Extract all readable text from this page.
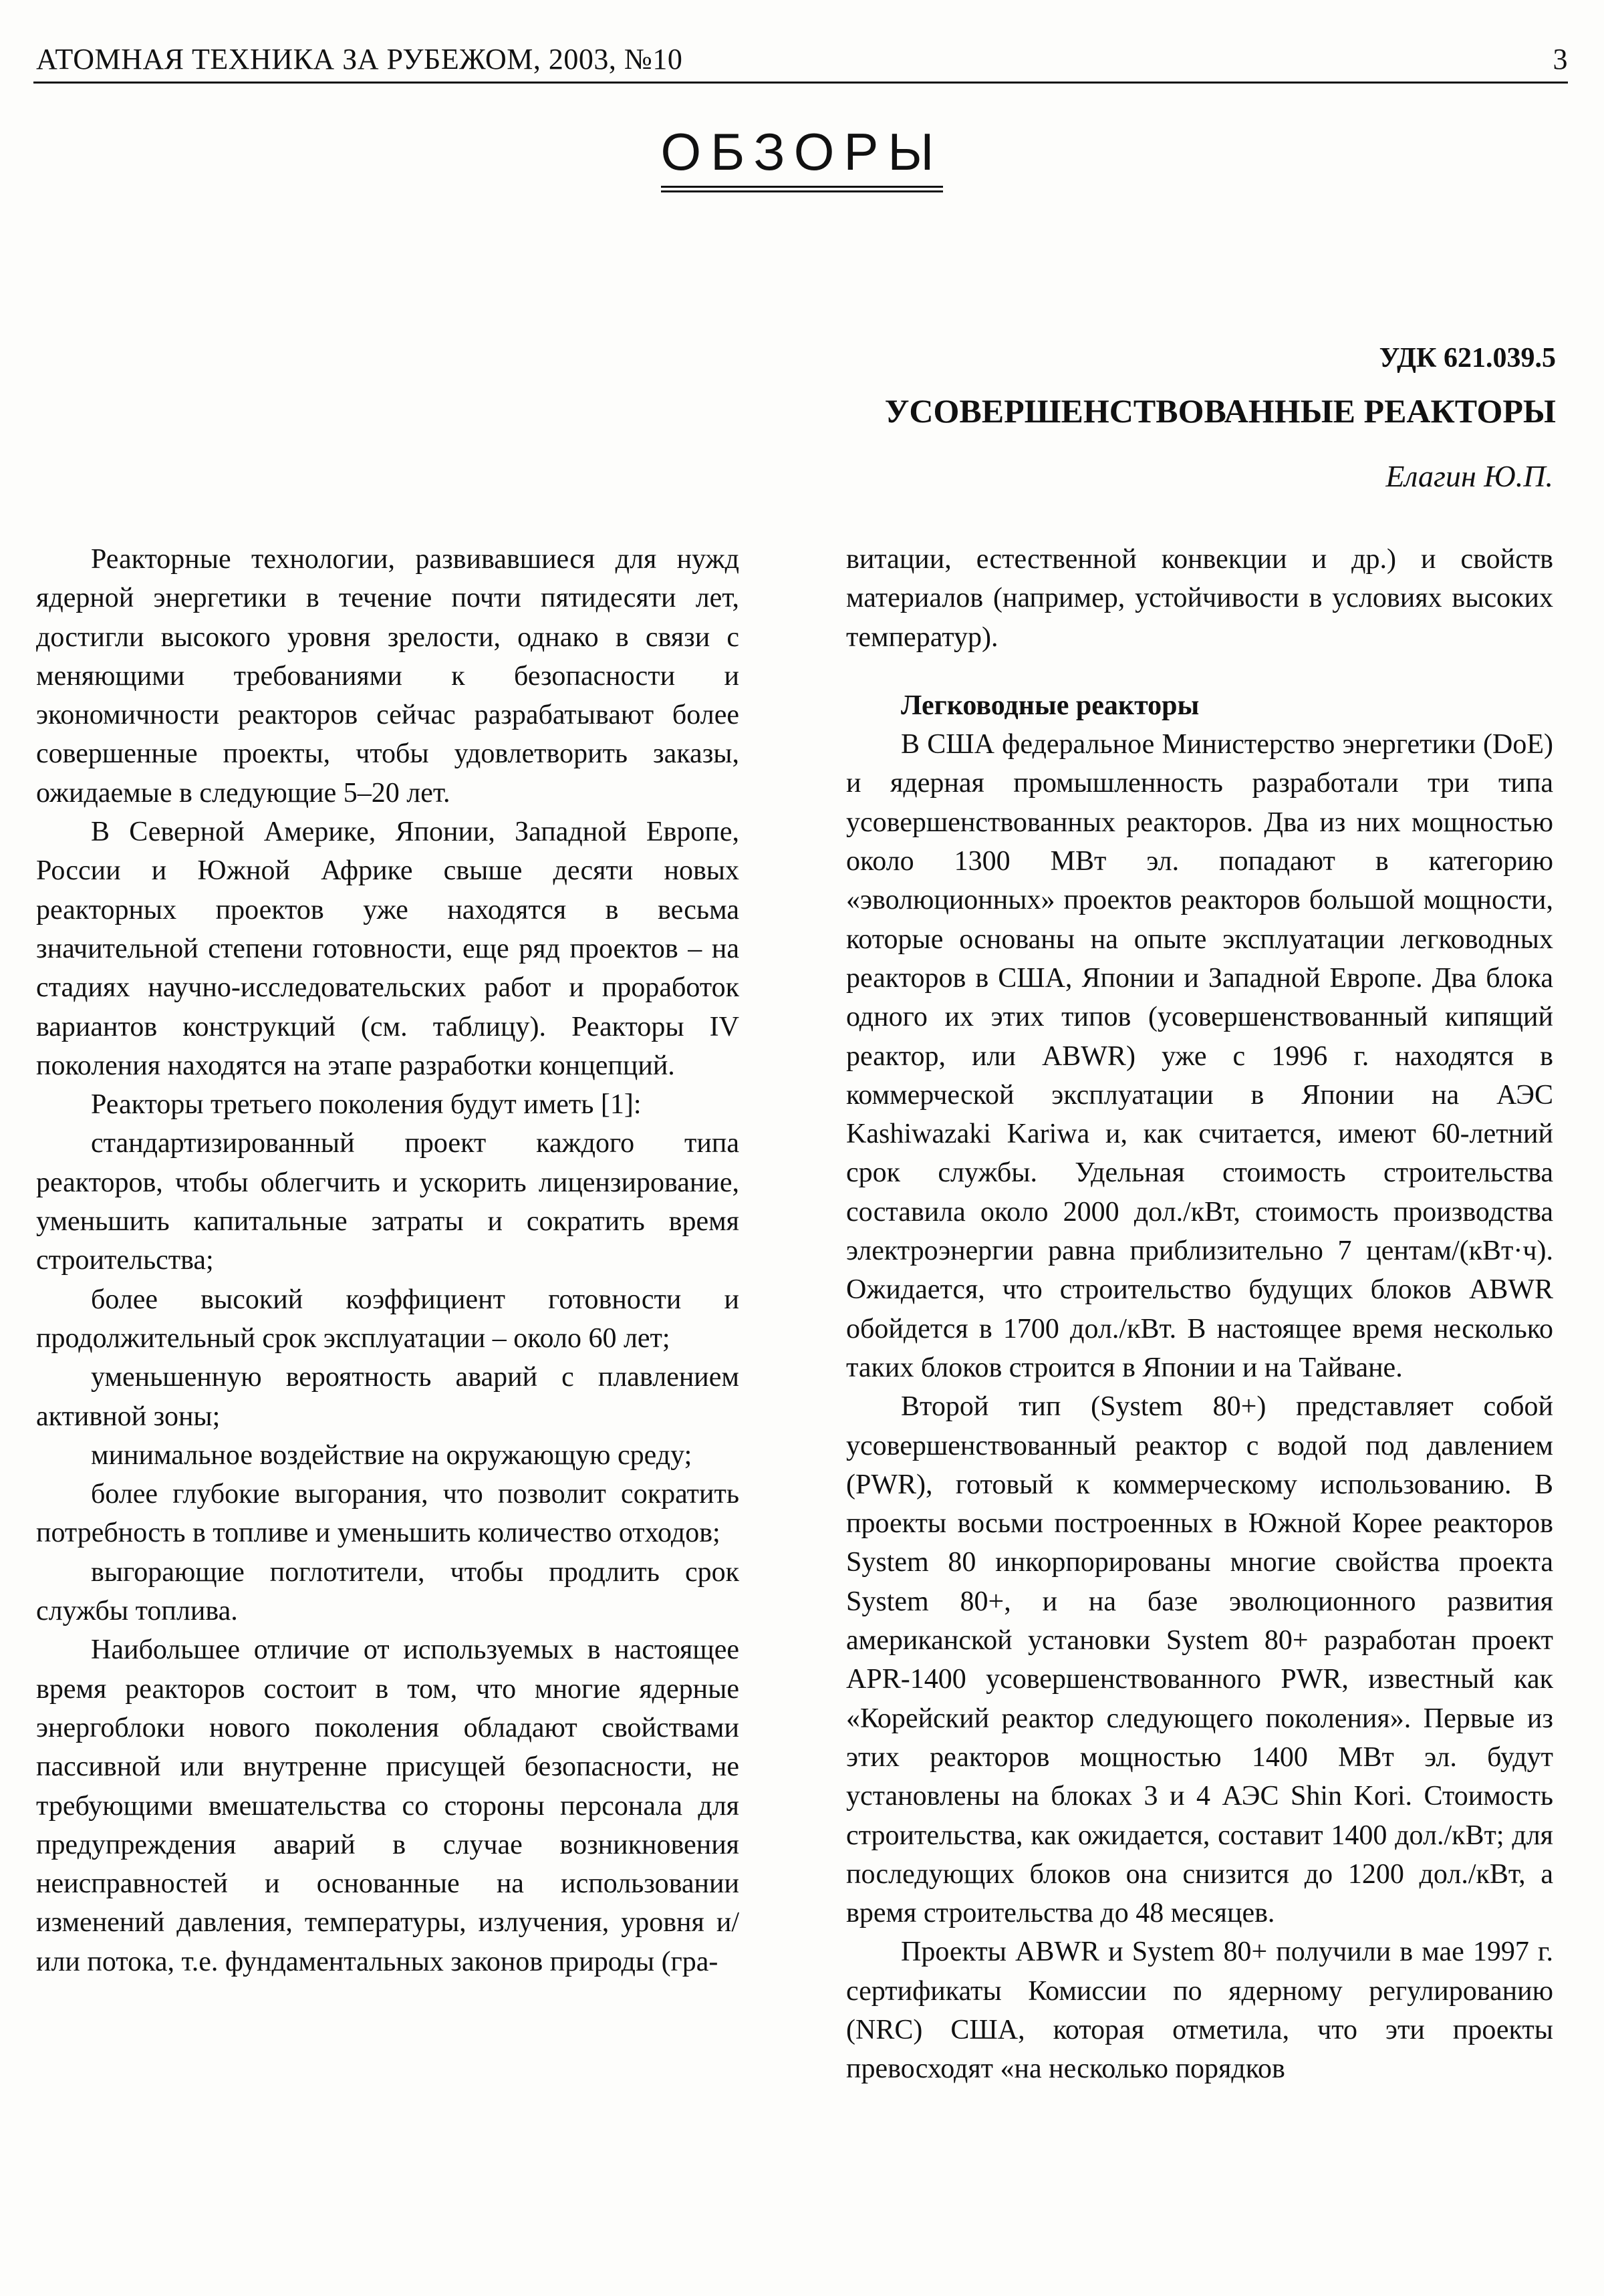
АТОМНАЯ ТЕХНИКА ЗА РУБЕЖОМ, 2003, №10	3
ОБЗОРЫ
УДК 621.039.5
УСОВЕРШЕНСТВОВАННЫЕ РЕАКТОРЫ
Елагин Ю.П.

Реакторные технологии, развивавшиеся для нужд ядерной энергетики в течение почти пятидесяти лет, достигли высокого уровня зрелости, однако в связи с меняющими требованиями к безопасности и экономичности реакторов сейчас разрабатывают более совершенные проекты, чтобы удовлетворить заказы, ожидаемые в следующие 5–20 лет.

В Северной Америке, Японии, Западной Европе, России и Южной Африке свыше десяти новых реакторных проектов уже находятся в весьма значительной степени готовности, еще ряд проектов – на стадиях научно-исследовательских работ и проработок вариантов конструкций (см. таблицу). Реакторы IV поколения находятся на этапе разработки концепций.

Реакторы третьего поколения будут иметь [1]:

стандартизированный проект каждого типа реакторов, чтобы облегчить и ускорить лицензирование, уменьшить капитальные затраты и сократить время строительства;

более высокий коэффициент готовности и продолжительный срок эксплуатации – около 60 лет;

уменьшенную вероятность аварий с плавлением активной зоны;

минимальное воздействие на окружающую среду;

более глубокие выгорания, что позволит сократить потребность в топливе и уменьшить количество отходов;

выгорающие поглотители, чтобы продлить срок службы топлива.

Наибольшее отличие от используемых в настоящее время реакторов состоит в том, что многие ядерные энергоблоки нового поколения обладают свойствами пассивной или внутренне присущей безопасности, не требующими вмешательства со стороны персонала для предупреждения аварий в случае возникновения неисправностей и основанные на использовании изменений давления, температуры, излучения, уровня и/или потока, т.е. фундаментальных законов природы (гра-

витации, естественной конвекции и др.) и свойств материалов (например, устойчивости в условиях высоких температур).

Легководные реакторы

В США федеральное Министерство энергетики (DoE) и ядерная промышленность разработали три типа усовершенствованных реакторов. Два из них мощностью около 1300 МВт эл. попадают в категорию «эволюционных» проектов реакторов большой мощности, которые основаны на опыте эксплуатации легководных реакторов в США, Японии и Западной Европе. Два блока одного их этих типов (усовершенствованный кипящий реактор, или ABWR) уже с 1996 г. находятся в коммерческой эксплуатации в Японии на АЭС Kashiwazaki Kariwa и, как считается, имеют 60-летний срок службы. Удельная стоимость строительства составила около 2000 дол./кВт, стоимость производства электроэнергии равна приблизительно 7 центам/(кВт·ч). Ожидается, что строительство будущих блоков ABWR обойдется в 1700 дол./кВт. В настоящее время несколько таких блоков строится в Японии и на Тайване.

Второй тип (System 80+) представляет собой усовершенствованный реактор с водой под давлением (PWR), готовый к коммерческому использованию. В проекты восьми построенных в Южной Корее реакторов System 80 инкорпорированы многие свойства проекта System 80+, и на базе эволюционного развития американской установки System 80+ разработан проект APR-1400 усовершенствованного PWR, известный как «Корейский реактор следующего поколения». Первые из этих реакторов мощностью 1400 МВт эл. будут установлены на блоках 3 и 4 АЭС Shin Kori. Стоимость строительства, как ожидается, составит 1400 дол./кВт; для последующих блоков она снизится до 1200 дол./кВт, а время строительства до 48 месяцев.

Проекты ABWR и System 80+ получили в мае 1997 г. сертификаты Комиссии по ядерному регулированию (NRC) США, которая отметила, что эти проекты превосходят «на несколько порядков
